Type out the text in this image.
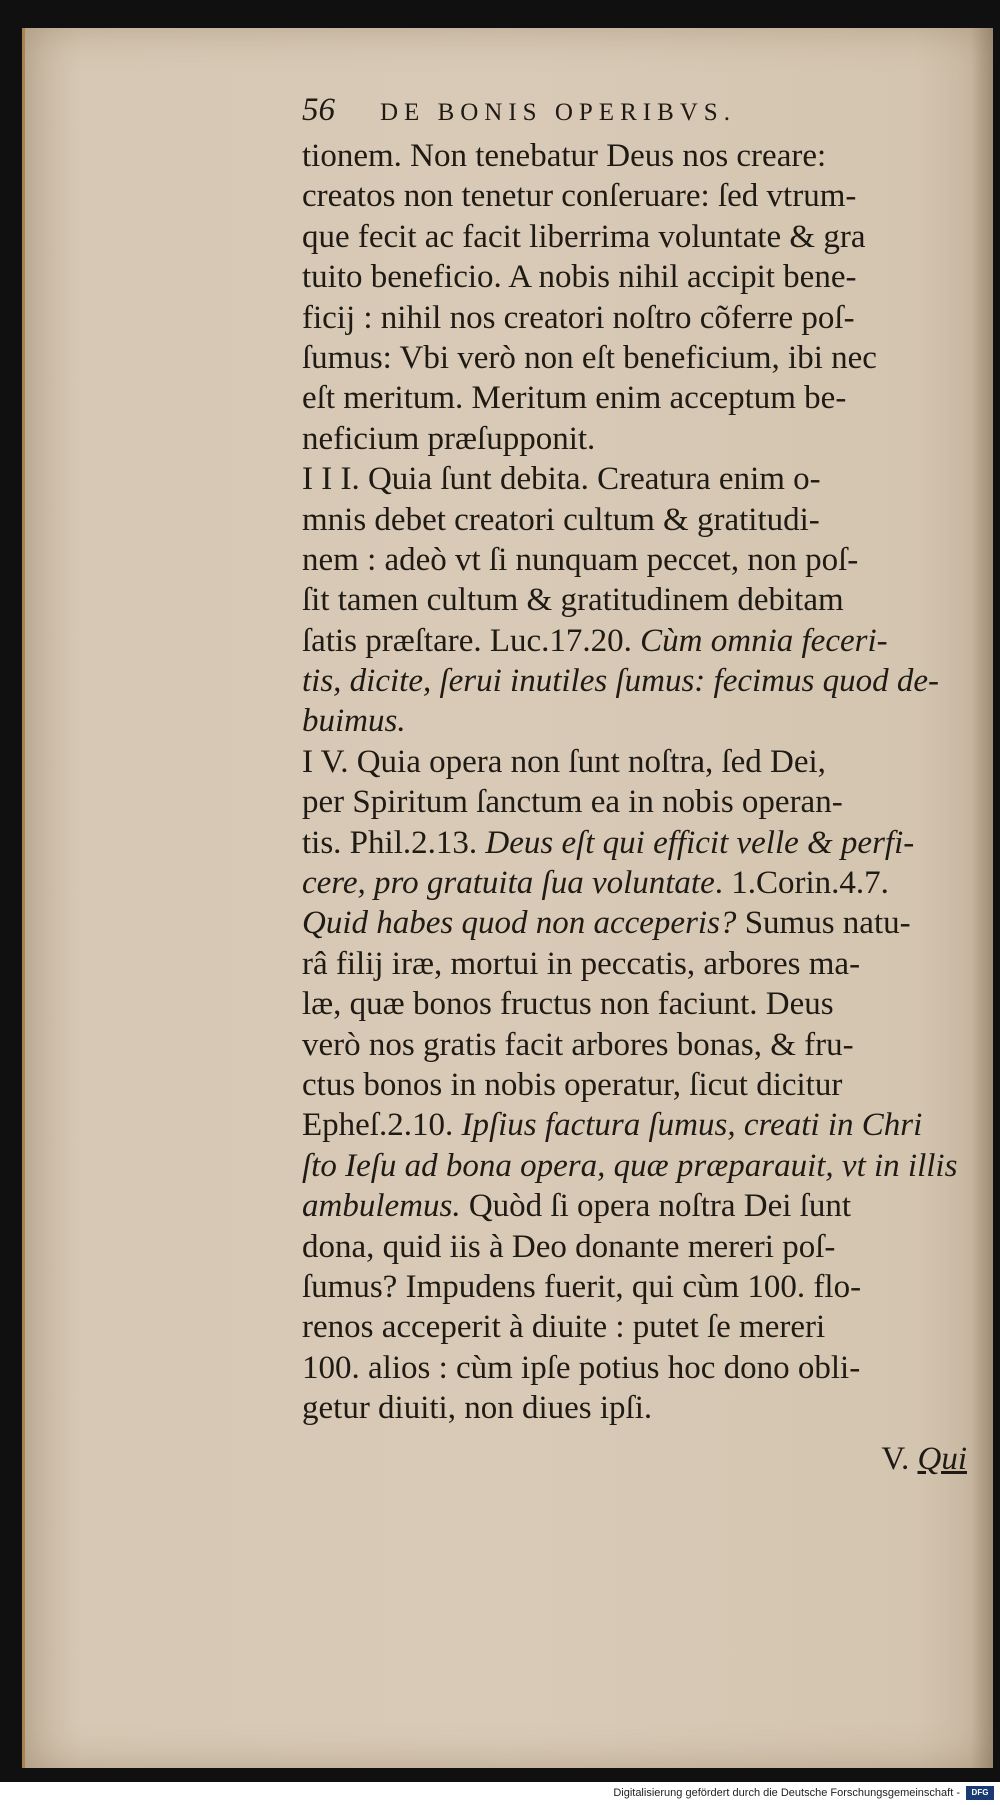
56	DE BONIS OPERIBVS.
tionem. Non tenebatur Deus nos creare:
creatos non tenetur conſeruare: ſed vtrum-
que fecit ac facit liberrima voluntate & gra
tuito beneficio. A nobis nihil accipit bene-
ficij : nihil nos creatori noſtro cõferre poſ-
ſumus: Vbi verò non eſt beneficium, ibi nec
eſt meritum. Meritum enim acceptum be-
neficium præſupponit.
I I I. Quia ſunt debita. Creatura enim o-
mnis debet creatori cultum & gratitudi-
nem : adeò vt ſi nunquam peccet, non poſ-
ſit tamen cultum & gratitudinem debitam
ſatis præſtare. Luc.17.20. Cùm omnia feceri-
tis, dicite, ſerui inutiles ſumus: fecimus quod de-
buimus.
I V. Quia opera non ſunt noſtra, ſed Dei,
per Spiritum ſanctum ea in nobis operan-
tis. Phil.2.13. Deus eſt qui efficit velle & perfi-
cere, pro gratuita ſua voluntate. 1.Corin.4.7.
Quid habes quod non acceperis? Sumus natu-
râ filij iræ, mortui in peccatis, arbores ma-
læ, quæ bonos fructus non faciunt. Deus
verò nos gratis facit arbores bonas, & fru-
ctus bonos in nobis operatur, ſicut dicitur
Epheſ.2.10. Ipſius factura ſumus, creati in Chri
ſto Ieſu ad bona opera, quæ præparauit, vt in illis
ambulemus. Quòd ſi opera noſtra Dei ſunt
dona, quid iis à Deo donante mereri poſ-
ſumus? Impudens fuerit, qui cùm 100. flo-
renos acceperit à diuite : putet ſe mereri
100. alios : cùm ipſe potius hoc dono obli-
getur diuiti, non diues ipſi.
V. Qui
Digitalisierung gefördert durch die Deutsche Forschungsgemeinschaft -	DFG
